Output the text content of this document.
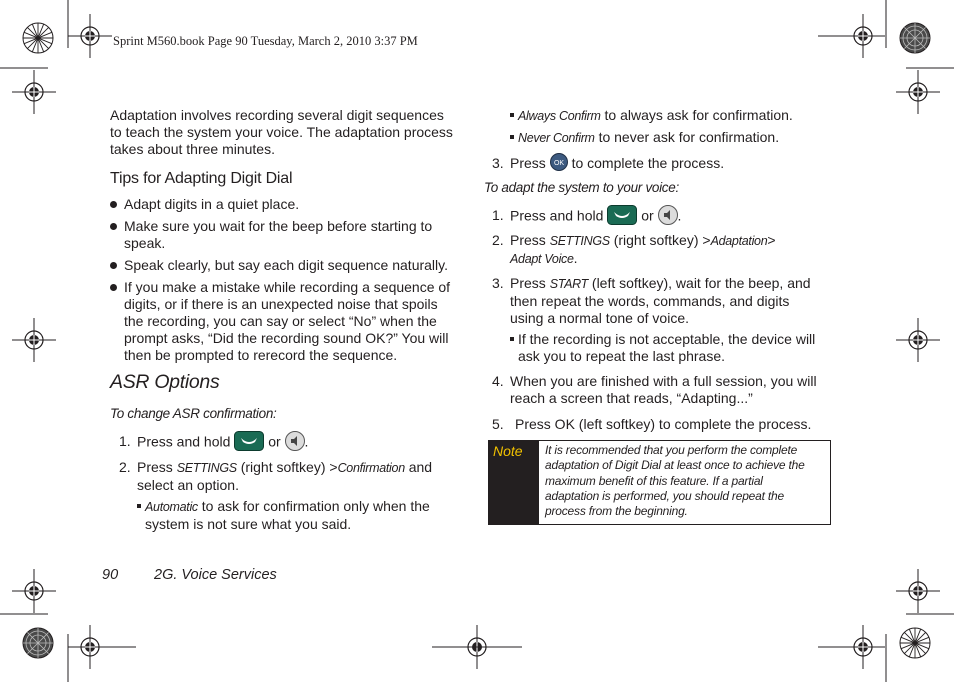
Sprint M560.book Page 90 Tuesday, March 2, 2010 3:37 PM
Adaptation involves recording several digit sequences
to teach the system your voice. The adaptation process
takes about three minutes.
Tips for Adapting Digit Dial
Adapt digits in a quiet place.
Make sure you wait for the beep before starting to
speak.
Speak clearly, but say each digit sequence naturally.
If you make a mistake while recording a sequence of
digits, or if there is an unexpected noise that spoils
the recording, you can say or select “No” when the
prompt asks, “Did the recording sound OK?” You will
then be prompted to rerecord the sequence.
ASR Options
To change ASR confirmation:
1. Press and hold	or .
2. Press SETTINGS (right softkey) >Confirmation and
select an option.
Automatic to ask for confirmation only when the
system is not sure what you said.
Always Confirm to always ask for confirmation.
Never Confirm to never ask for confirmation.
3. Press OK to complete the process.
To adapt the system to your voice:
1. Press and hold	or .
2. Press SETTINGS (right softkey) >Adaptation>
Adapt Voice.
3. Press START (left softkey), wait for the beep, and
then repeat the words, commands, and digits
using a normal tone of voice.
If the recording is not acceptable, the device will
ask you to repeat the last phrase.
4. When you are finished with a full session, you will
reach a screen that reads, “Adapting...”
5. Press OK (left softkey) to complete the process.
Note It is recommended that you perform the complete
adaptation of Digit Dial at least once to achieve the
maximum benefit of this feature. If a partial
adaptation is performed, you should repeat the
process from the beginning.
90 2G. Voice Services
